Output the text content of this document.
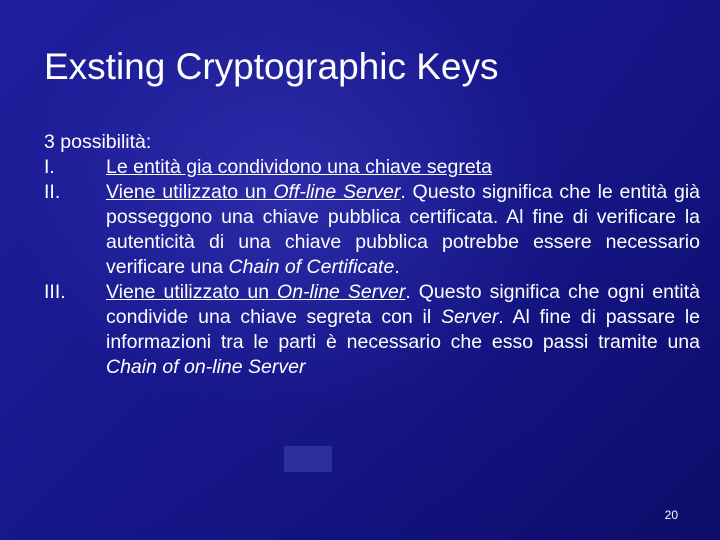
Exsting Cryptographic Keys

3 possibilità:

I.	Le entità gia condividono una chiave segreta

II. Viene utilizzato un Off-line Server. Questo significa che le entità già posseggono una chiave pubblica certificata. Al fine di verificare la autenticità di una chiave pubblica potrebbe essere necessario verificare una Chain of Certificate.

III. Viene utilizzato un On-line Server. Questo significa che ogni entità condivide una chiave segreta con il Server. Al fine di passare le informazioni tra le parti è necessario che esso passi tramite una Chain of on-line Server

20
